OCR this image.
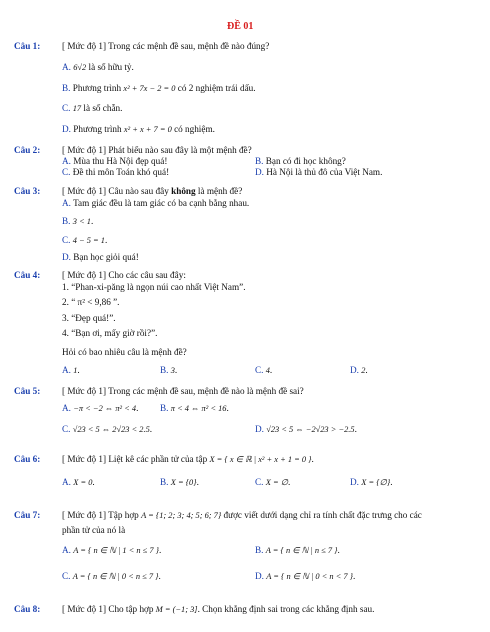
ĐỀ 01
Câu 1: [ Mức độ 1] Trong các mệnh đề sau, mệnh đề nào đúng?
A. 6√2 là số hữu tỷ.
B. Phương trình x² + 7x − 2 = 0 có 2 nghiệm trái dấu.
C. 17 là số chẵn.
D. Phương trình x² + x + 7 = 0 có nghiệm.
Câu 2: [ Mức độ 1] Phát biểu nào sau đây là một mệnh đề?
A. Mùa thu Hà Nội đẹp quá!	B. Bạn có đi học không?
C. Đề thi môn Toán khó quá!	D. Hà Nội là thủ đô của Việt Nam.
Câu 3: [ Mức độ 1] Câu nào sau đây không là mệnh đề?
A. Tam giác đều là tam giác có ba cạnh bằng nhau.
B. 3 < 1.
C. 4 − 5 = 1.
D. Bạn học giỏi quá!
Câu 4: [ Mức độ 1] Cho các câu sau đây:
1. “Phan-xi-păng là ngọn núi cao nhất Việt Nam”.
2. “ π² < 9,86 ”.
3. “Đẹp quá!”.
4. “Bạn ơi, mấy giờ rồi?”.
Hỏi có bao nhiêu câu là mệnh đề?
A. 1.	B. 3.	C. 4.	D. 2.
Câu 5: [ Mức độ 1] Trong các mệnh đề sau, mệnh đề nào là mệnh đề sai?
A. −π < −2 ⇔ π² < 4. B. π < 4 ⇔ π² < 16.
C. √23 < 5 ⇔ 2√23 < 2.5.	D. √23 < 5 ⇔ −2√23 > −2.5.
Câu 6: [ Mức độ 1] Liệt kê các phần tử của tập X = { x ∈ ℝ | x² + x + 1 = 0 }.
A. X = 0.	B. X = {0}.	C. X = ∅.	D. X = {∅}.
Câu 7: [ Mức độ 1] Tập hợp A = {1; 2; 3; 4; 5; 6; 7} được viết dưới dạng chỉ ra tính chất đặc trưng cho các
phần tử của nó là
A. A = { n ∈ ℕ | 1 < n ≤ 7 }.	B. A = { n ∈ ℕ | n ≤ 7 }.
C. A = { n ∈ ℕ | 0 < n ≤ 7 }.	D. A = { n ∈ ℕ | 0 < n < 7 }.
Câu 8: [ Mức độ 1] Cho tập hợp M = (−1; 3]. Chọn khẳng định sai trong các khẳng định sau.
